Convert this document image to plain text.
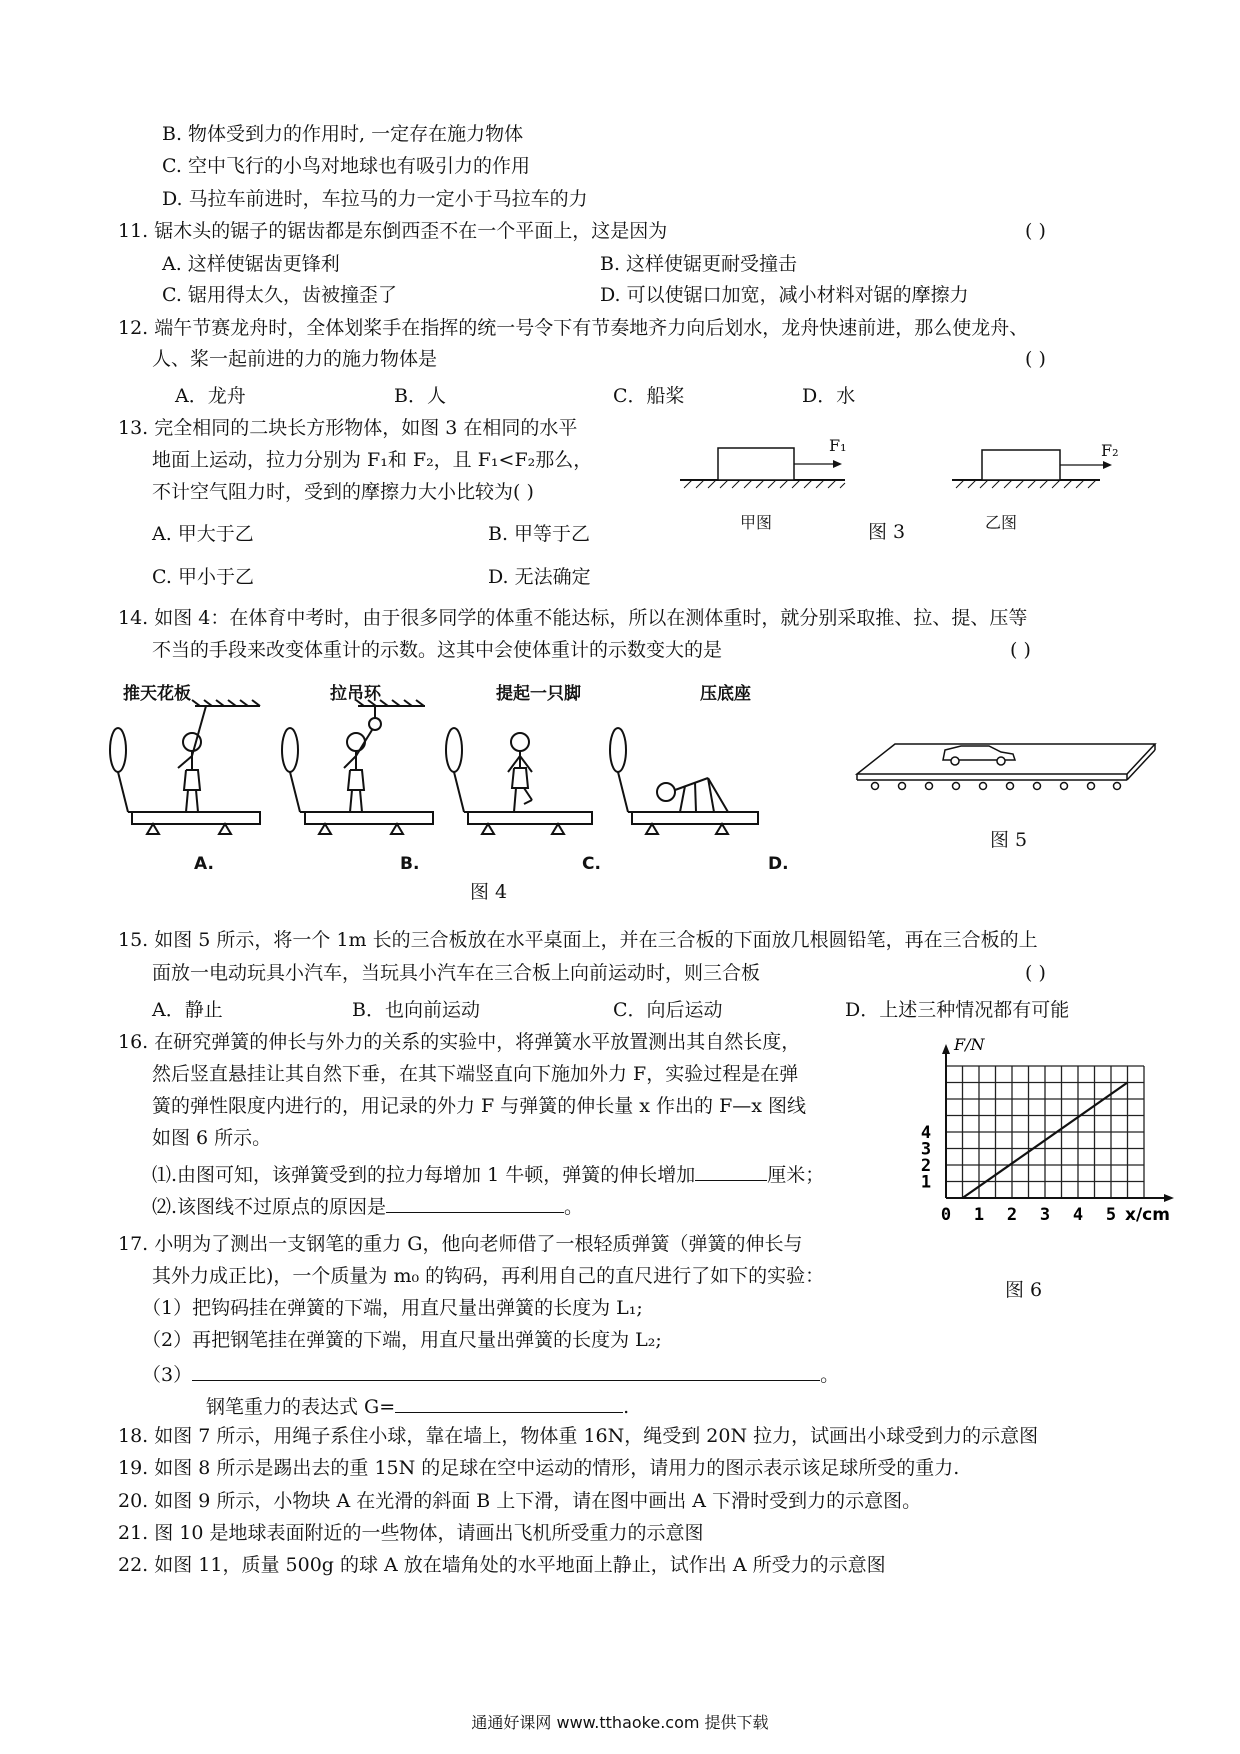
B. 物体受到力的作用时, 一定存在施力物体
C. 空中飞行的小鸟对地球也有吸引力的作用
D. 马拉车前进时，车拉马的力一定小于马拉车的力
11. 锯木头的锯子的锯齿都是东倒西歪不在一个平面上，这是因为	( )
A. 这样使锯齿更锋利	B. 这样使锯更耐受撞击
C. 锯用得太久，齿被撞歪了	D. 可以使锯口加宽，减小材料对锯的摩擦力
12. 端午节赛龙舟时，全体划桨手在指挥的统一号令下有节奏地齐力向后划水，龙舟快速前进，那么使龙舟、
人、桨一起前进的力的施力物体是	( )
A．龙舟	B．人	C．船桨	D．水
13. 完全相同的二块长方形物体，如图 3 在相同的水平
地面上运动，拉力分别为 F₁和 F₂，且 F₁<F₂那么，
不计空气阻力时，受到的摩擦力大小比较为( )
A. 甲大于乙	B. 甲等于乙
C. 甲小于乙	D. 无法确定
F₁	F₂
甲图	图 3	乙图
14. 如图 4：在体育中考时，由于很多同学的体重不能达标，所以在测体重时，就分别采取推、拉、提、压等
不当的手段来改变体重计的示数。这其中会使体重计的示数变大的是	( )
推天花板	拉吊环	提起一只脚	压底座
A.	B.	C.	D.
图 4
图 5
15. 如图 5 所示，将一个 1m 长的三合板放在水平桌面上，并在三合板的下面放几根圆铅笔，再在三合板的上
面放一电动玩具小汽车，当玩具小汽车在三合板上向前运动时，则三合板	( )
A．静止	B．也向前运动	C．向后运动	D．上述三种情况都有可能
16. 在研究弹簧的伸长与外力的关系的实验中，将弹簧水平放置测出其自然长度，
然后竖直悬挂让其自然下垂，在其下端竖直向下施加外力 F，实验过程是在弹
簧的弹性限度内进行的，用记录的外力 F 与弹簧的伸长量 x 作出的 F—x 图线
如图 6 所示。
⑴.由图可知，该弹簧受到的拉力每增加 1 牛顿，弹簧的伸长增加	厘米；
⑵.该图线不过原点的原因是	。	0 1 2 3 4 5 x/cm
1
2
3
4
F/N
图 6
17. 小明为了测出一支钢笔的重力 G，他向老师借了一根轻质弹簧（弹簧的伸长与
其外力成正比)，一个质量为 m₀ 的钩码，再利用自己的直尺进行了如下的实验：
（1）把钩码挂在弹簧的下端，用直尺量出弹簧的长度为 L₁;
（2）再把钢笔挂在弹簧的下端，用直尺量出弹簧的长度为 L₂;
（3）	。
钢笔重力的表达式 G=	.
18. 如图 7 所示，用绳子系住小球，靠在墙上，物体重 16N，绳受到 20N 拉力，试画出小球受到力的示意图
19. 如图 8 所示是踢出去的重 15N 的足球在空中运动的情形，请用力的图示表示该足球所受的重力.
20. 如图 9 所示，小物块 A 在光滑的斜面 B 上下滑，请在图中画出 A 下滑时受到力的示意图。
21. 图 10 是地球表面附近的一些物体，请画出飞机所受重力的示意图
22. 如图 11，质量 500g 的球 A 放在墙角处的水平地面上静止，试作出 A 所受力的示意图
通通好课网 www.tthaoke.com 提供下载
